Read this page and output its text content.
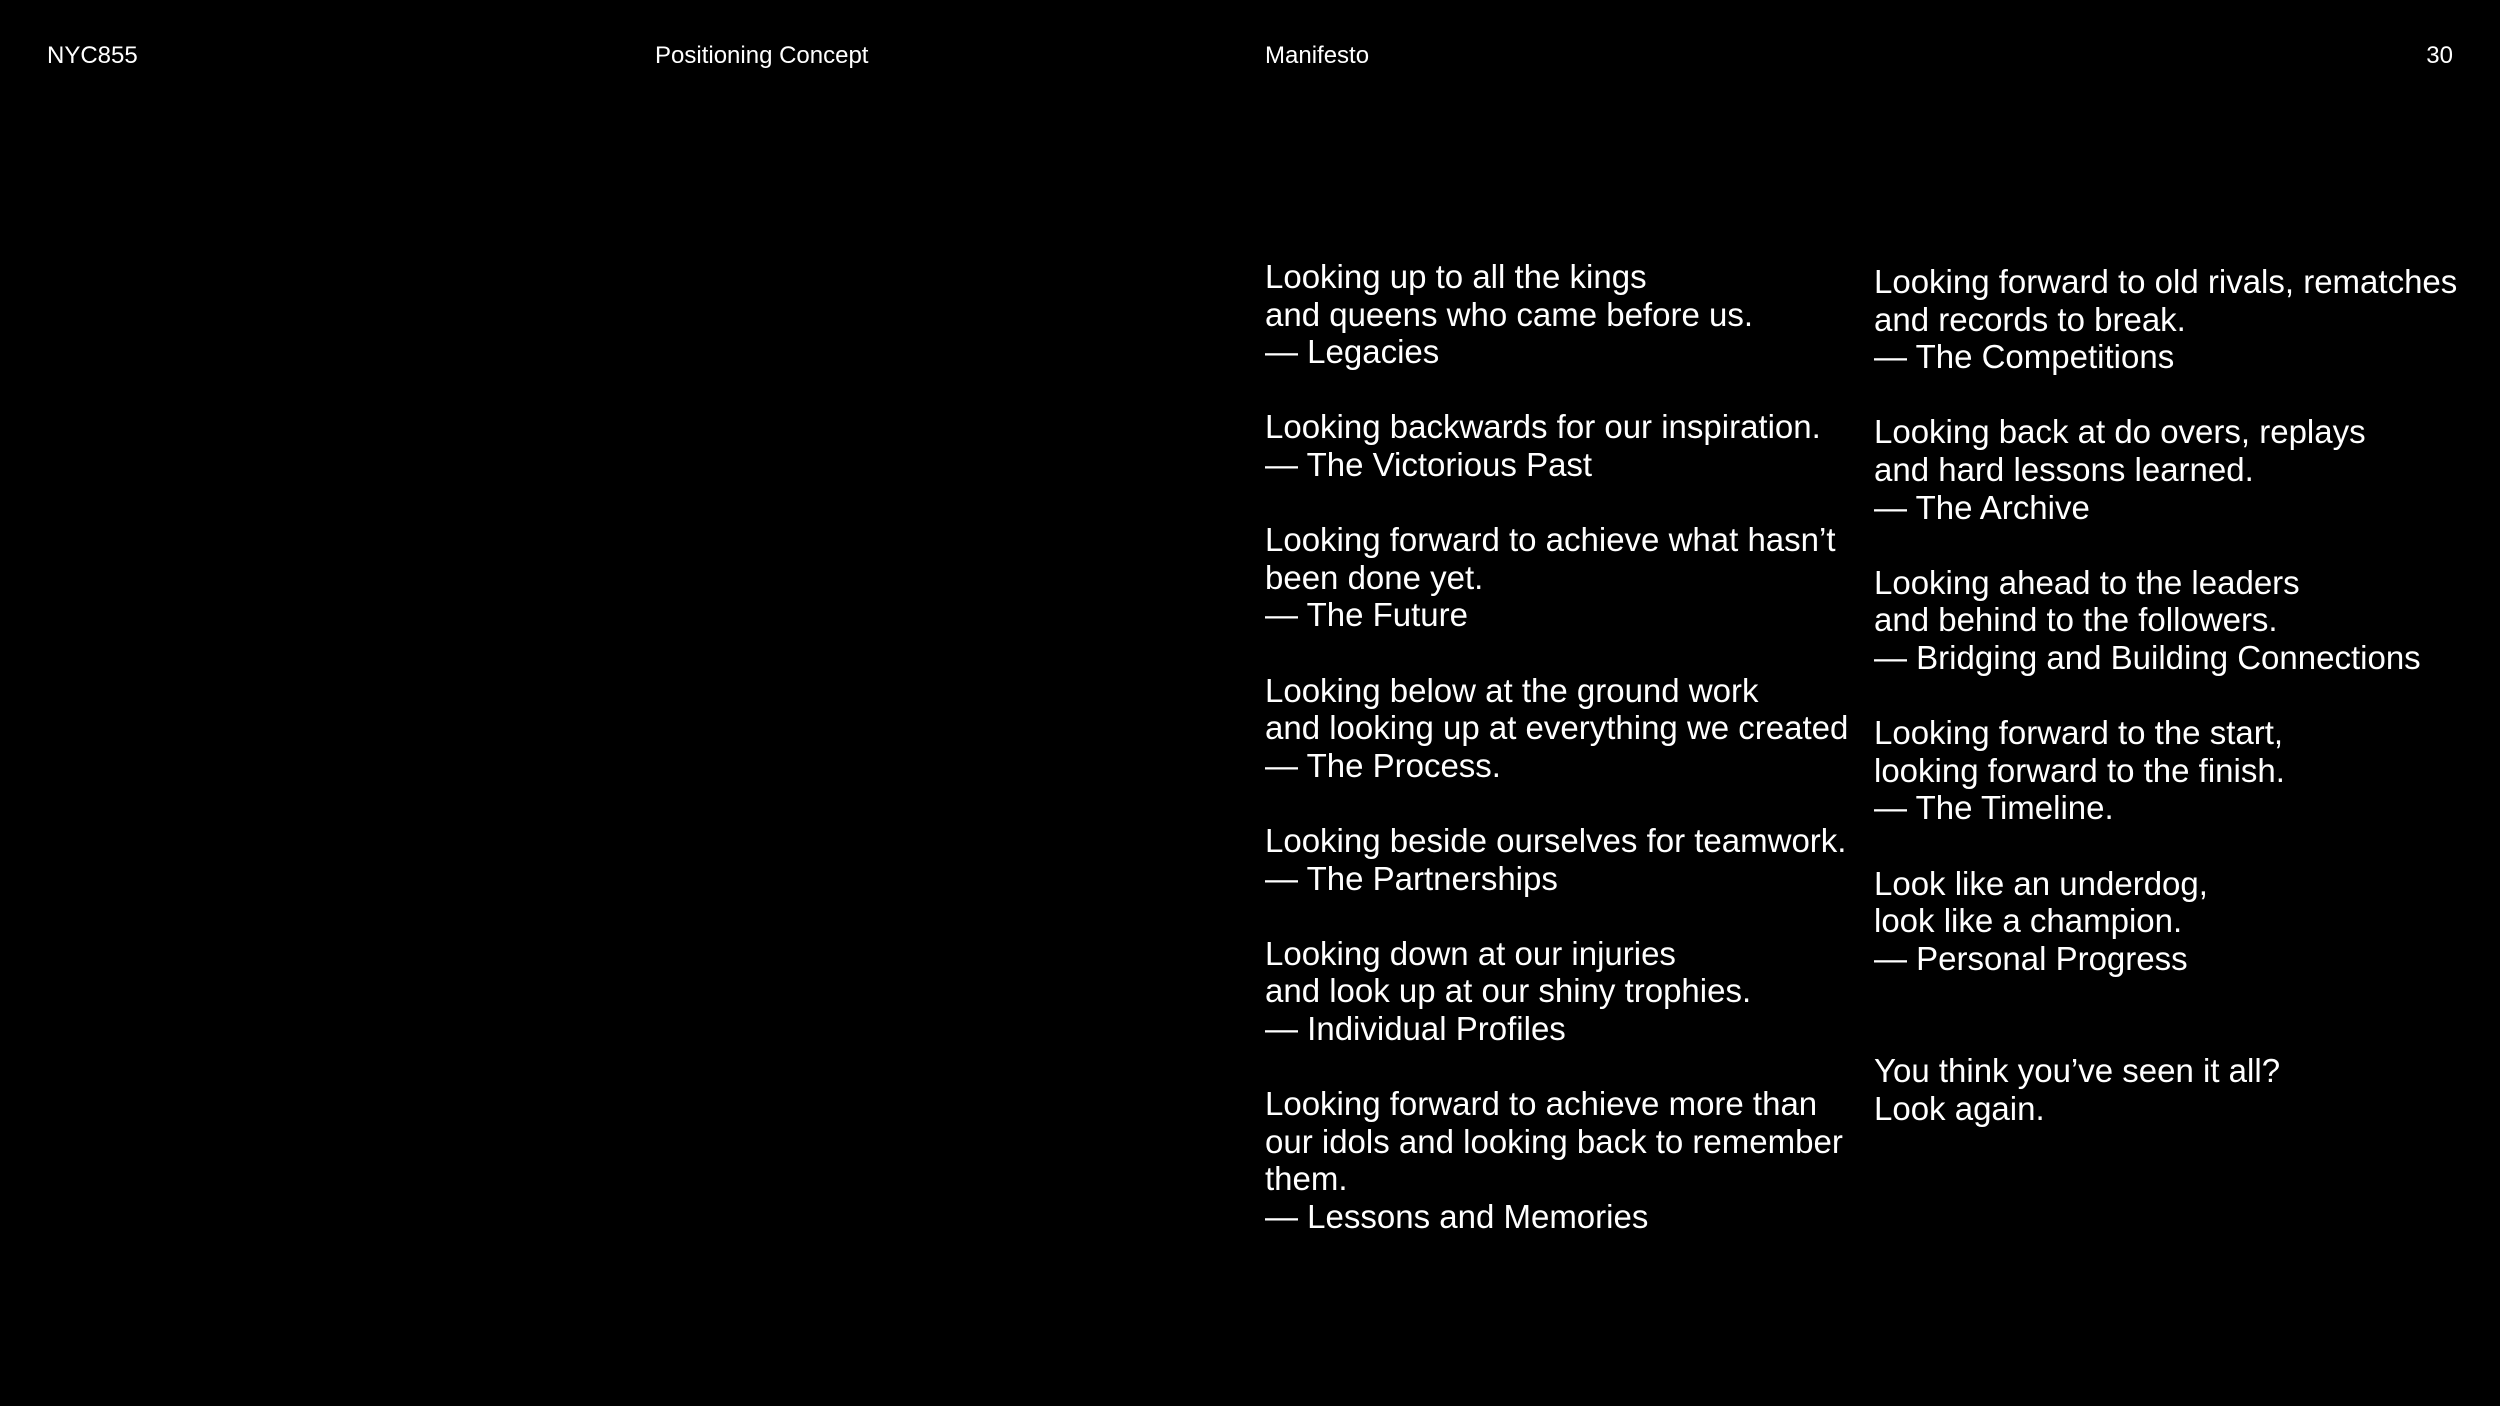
NYC855	Positioning Concept	Manifesto	30
Looking up to all the kings
and queens who came before us.
— Legacies
Looking backwards for our inspiration.
— The Victorious Past
Looking forward to achieve what hasn’t
been done yet.
— The Future
Looking below at the ground work
and looking up at everything we created
— The Process.
Looking beside ourselves for teamwork.
— The Partnerships
Looking down at our injuries
and look up at our shiny trophies.
— Individual Profiles
Looking forward to achieve more than
our idols and looking back to remember
them.
— Lessons and Memories
Looking forward to old rivals, rematches
and records to break.
— The Competitions
Looking back at do overs, replays
and hard lessons learned.
— The Archive
Looking ahead to the leaders
and behind to the followers.
— Bridging and Building Connections
Looking forward to the start,
looking forward to the finish.
— The Timeline.
Look like an underdog,
look like a champion.
— Personal Progress
You think you’ve seen it all?
Look again.
